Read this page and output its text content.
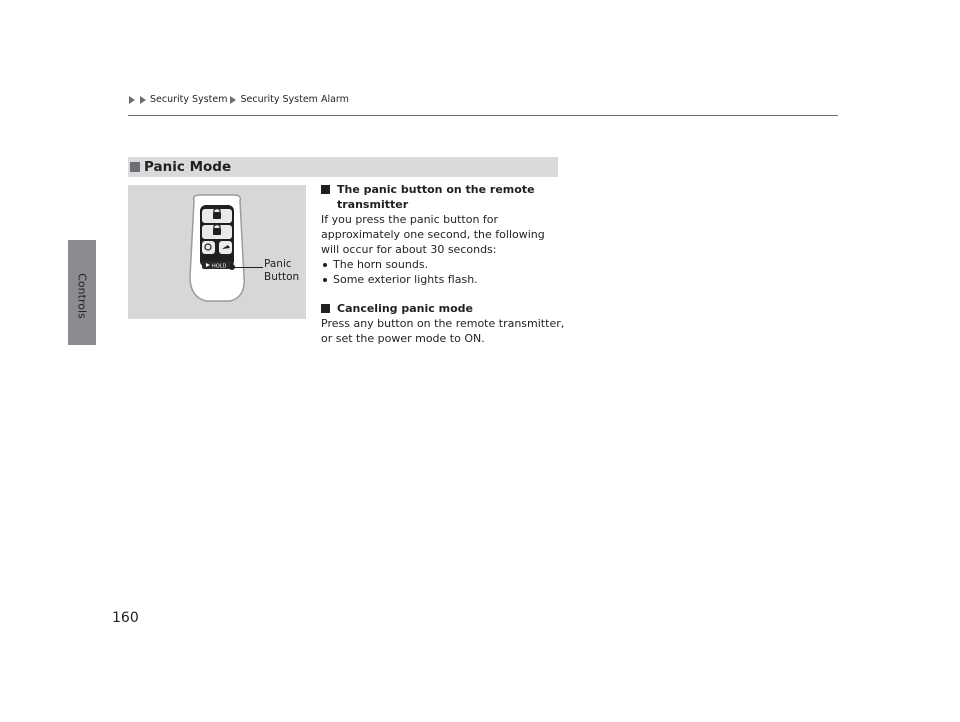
Controls
Security System Security System Alarm
Panic Mode
HOLD	Panic
Button
The panic button on the remote transmitter

If you press the panic button for approximately one second, the following will occur for about 30 seconds:

The horn sounds.
Some exterior lights flash.
Canceling panic mode

Press any button on the remote transmitter, or set the power mode to ON.

160
